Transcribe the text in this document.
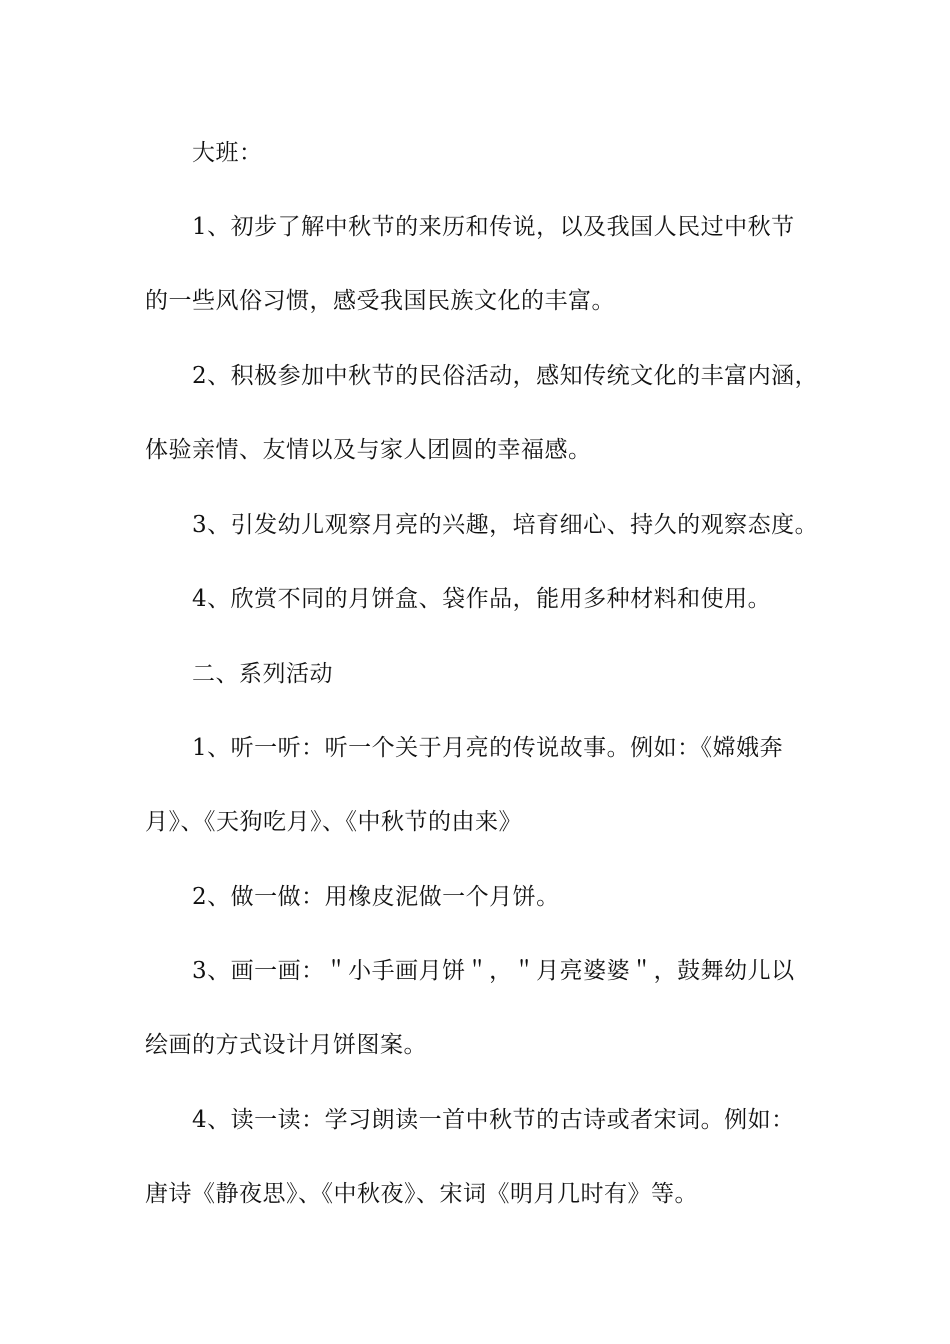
大班：
1、初步了解中秋节的来历和传说，以及我国人民过中秋节
的一些风俗习惯，感受我国民族文化的丰富。
2、积极参加中秋节的民俗活动，感知传统文化的丰富内涵，
体验亲情、友情以及与家人团圆的幸福感。
3、引发幼儿观察月亮的兴趣，培育细心、持久的观察态度。
4、欣赏不同的月饼盒、袋作品，能用多种材料和使用。
二、系列活动
1、听一听：听一个关于月亮的传说故事。例如：《嫦娥奔
月》、《天狗吃月》、《中秋节的由来》
2、做一做：用橡皮泥做一个月饼。
3、画一画：＂小手画月饼＂，＂月亮婆婆＂，鼓舞幼儿以
绘画的方式设计月饼图案。
4、读一读：学习朗读一首中秋节的古诗或者宋词。例如：
唐诗《静夜思》、《中秋夜》、宋词《明月几时有》等。
